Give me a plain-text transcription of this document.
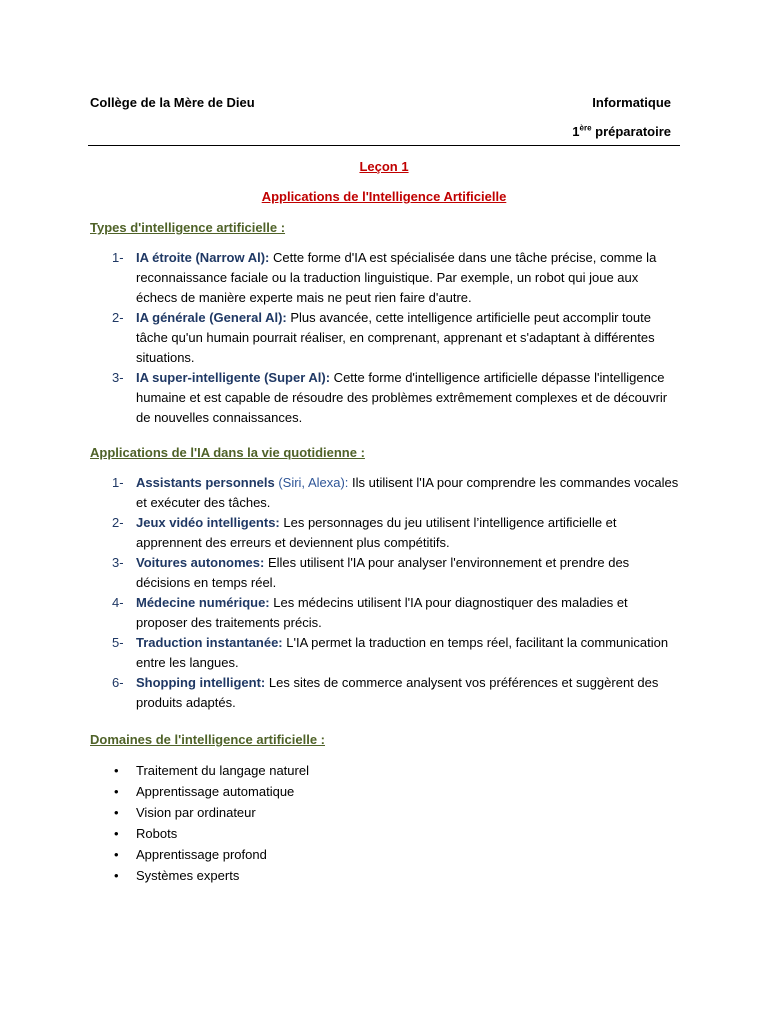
Collège de la Mère de Dieu	Informatique
1ère préparatoire
Leçon 1
Applications de l'Intelligence Artificielle
Types d'intelligence artificielle :
1- IA étroite (Narrow Al): Cette forme d'IA est spécialisée dans une tâche précise, comme la reconnaissance faciale ou la traduction linguistique. Par exemple, un robot qui joue aux échecs de manière experte mais ne peut rien faire d'autre.
2- IA générale (General Al): Plus avancée, cette intelligence artificielle peut accomplir toute tâche qu'un humain pourrait réaliser, en comprenant, apprenant et s'adaptant à différentes situations.
3- IA super-intelligente (Super Al): Cette forme d'intelligence artificielle dépasse l'intelligence humaine et est capable de résoudre des problèmes extrêmement complexes et de découvrir de nouvelles connaissances.
Applications de l'IA dans la vie quotidienne :
1- Assistants personnels (Siri, Alexa): Ils utilisent l'IA pour comprendre les commandes vocales et exécuter des tâches.
2- Jeux vidéo intelligents: Les personnages du jeu utilisent l’intelligence artificielle et apprennent des erreurs et deviennent plus compétitifs.
3- Voitures autonomes: Elles utilisent l'IA pour analyser l'environnement et prendre des décisions en temps réel.
4- Médecine numérique: Les médecins utilisent l'IA pour diagnostiquer des maladies et proposer des traitements précis.
5- Traduction instantanée: L'IA permet la traduction en temps réel, facilitant la communication entre les langues.
6- Shopping intelligent: Les sites de commerce analysent vos préférences et suggèrent des produits adaptés.
Domaines de l'intelligence artificielle :
• Traitement du langage naturel
• Apprentissage automatique
• Vision par ordinateur
• Robots
• Apprentissage profond
• Systèmes experts
